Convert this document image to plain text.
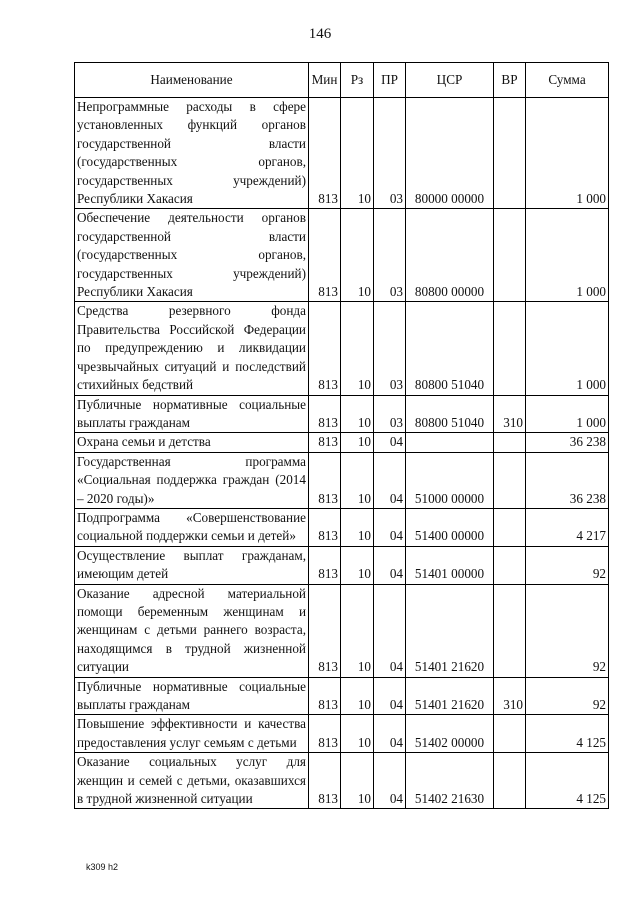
146
Наименование	Мин	Рз	ПР	ЦСР	ВР	Сумма
Непрограммные расходы в сфере установленных функций органов государственной власти (государственных органов, государственных учреждений) Республики Хакасия	813	10	03	80000 00000		1 000
Обеспечение деятельности органов государственной власти (государственных органов, государственных учреждений) Республики Хакасия	813	10	03	80800 00000		1 000
Средства резервного фонда Правительства Российской Федерации по предупреждению и ликвидации чрезвычайных ситуаций и последствий стихийных бедствий	813	10	03	80800 51040		1 000
Публичные нормативные социальные выплаты гражданам	813	10	03	80800 51040	310	1 000
Охрана семьи и детства	813	10	04			36 238
Государственная программа «Социальная поддержка граждан (2014 – 2020 годы)»	813	10	04	51000 00000		36 238
Подпрограмма «Совершенствование социальной поддержки семьи и детей»	813	10	04	51400 00000		4 217
Осуществление выплат гражданам, имеющим детей	813	10	04	51401 00000		92
Оказание адресной материальной помощи беременным женщинам и женщинам с детьми раннего возраста, находящимся в трудной жизненной ситуации	813	10	04	51401 21620		92
Публичные нормативные социальные выплаты гражданам	813	10	04	51401 21620	310	92
Повышение эффективности и качества предоставления услуг семьям с детьми	813	10	04	51402 00000		4 125
Оказание социальных услуг для женщин и семей с детьми, оказавшихся в трудной жизненной ситуации	813	10	04	51402 21630		4 125
k309 h2
